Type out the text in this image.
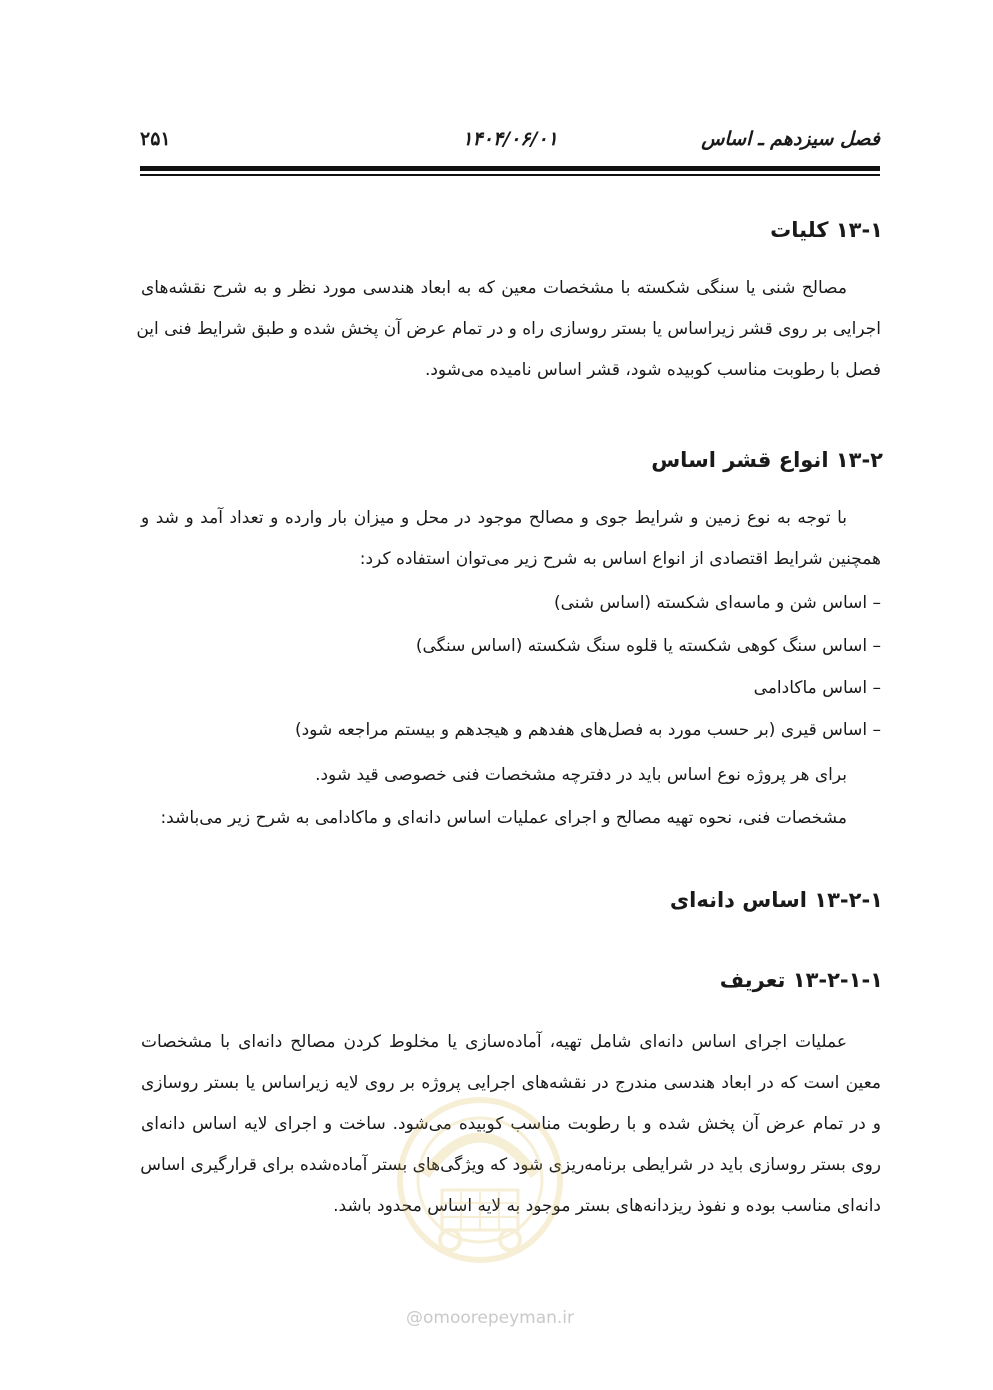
فصل سیزدهم ـ اساس
۱۴۰۴/۰۶/۰۱
۲۵۱
۱۳-۱ کلیات
مصالح شنی یا سنگی شکسته با مشخصات معین که به ابعاد هندسی مورد نظر و به شرح نقشه‌های
اجرایی بر روی قشر زیراساس یا بستر روسازی راه و در تمام عرض آن پخش شده و طبق شرایط فنی این
فصل با رطوبت مناسب کوبیده شود، قشر اساس نامیده می‌شود.
۱۳-۲ انواع قشر اساس
با توجه به نوع زمین و شرایط جوی و مصالح موجود در محل و میزان بار وارده و تعداد آمد و شد و
همچنین شرایط اقتصادی از انواع اساس به شرح زیر می‌توان استفاده کرد:
– اساس شن و ماسه‌ای شکسته (اساس شنی)
– اساس سنگ کوهی شکسته یا قلوه سنگ شکسته (اساس سنگی)
– اساس ماکادامی
– اساس قیری (بر حسب مورد به فصل‌های هفدهم و هیجدهم و بیستم مراجعه شود)
برای هر پروژه نوع اساس باید در دفترچه مشخصات فنی خصوصی قید شود.
مشخصات فنی، نحوه تهیه مصالح و اجرای عملیات اساس دانه‌ای و ماکادامی به شرح زیر می‌باشد:
۱۳-۲-۱ اساس دانه‌ای
۱۳-۲-۱-۱ تعریف
عملیات اجرای اساس دانه‌ای شامل تهیه، آماده‌سازی یا مخلوط کردن مصالح دانه‌ای با مشخصات
معین است که در ابعاد هندسی مندرج در نقشه‌های اجرایی پروژه بر روی لایه زیراساس یا بستر روسازی
و در تمام عرض آن پخش شده و با رطوبت مناسب کوبیده می‌شود. ساخت و اجرای لایه اساس دانه‌ای
روی بستر روسازی باید در شرایطی برنامه‌ریزی شود که ویژگی‌های بستر آماده‌شده برای قرارگیری اساس
دانه‌ای مناسب بوده و نفوذ ریزدانه‌های بستر موجود به لایه اساس محدود باشد.
@omoorepeyman.ir
